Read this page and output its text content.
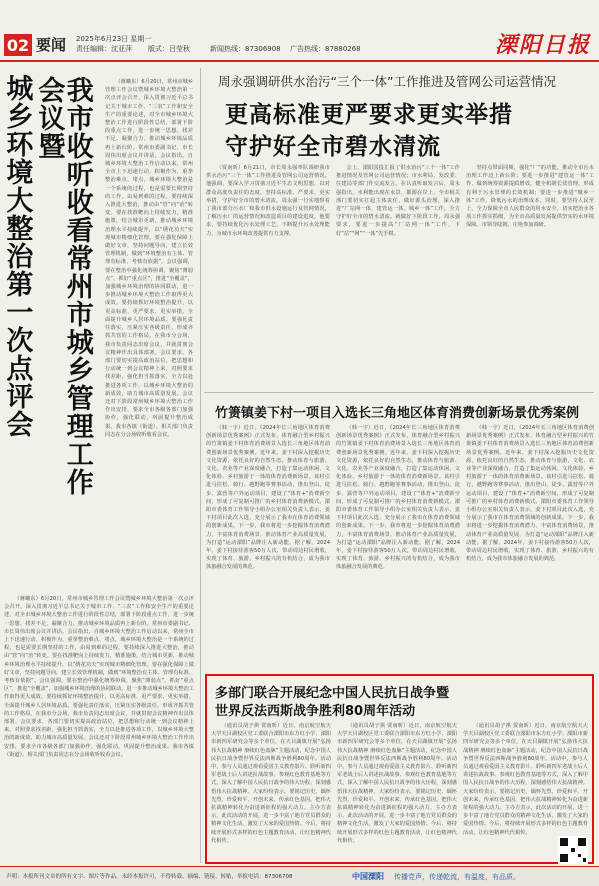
02 要闻 2025年6月23日 星期一
责任编辑：沈亚萍 版式：吕莹秋	新闻热线：87306908 广告热线：87880268	溧阳日报
我市收听收看常州市城乡管理工作会议暨
城乡环境大整治第一次点评会	（蒋曦东）6月20日，常州市城乡管理工作会议暨城乡环境大整治第一次点评会召开，深入贯彻习近平总书记关于城市工作、“三农”工作和安全生产的重要论述，对全市城乡环境大整治工作进行阶段性总结，部署下阶段重点工作，进一步统一思想、找差不足、凝聚合力，推动城乡环境品质再上新台阶。常州市委副书记、市长周伟出席会议并讲话。会议指出，自城乡环境大整治工作启动以来，常州全市上下迅速行动、积极作为，重拳整治难点、堵点，城乡环境大整治是一个系统的过程，也是需要长期坚持的工作，由易到难的过程，要持续深入推进大整治，推动由“管”向“治”转变。要在找准靶向上持续发力，精准施策，结合城市更新，推动城乡环境治理水平持续提升，以“绣花功夫”实现城市精细化管理。要在强化保障上做好文章，坚持问题导向，建立长效管理机制，做到“环境整治有主体、管理有标准、考核有依据”。会议强调，要在整治中强化统筹协调，聚焦“薄弱点”，抓好“重点区”，推进“全覆盖”，加强城乡环境治理的协同联动，进一步推动城乡环境大整治工作取得更大成效。要持续抓好环境整治提升，以更高标准、更严要求、更实举措，全面提升城乡人居环境品质。要强化责任落实，压紧压实各级责任，形成齐抓共管的工作格局。在我市分会场，我市负责同志出席会议，并就贯彻会议精神作出具体部署。会议要求，各部门要切实提高政治站位，把思想和行动统一到会议精神上来，对照要求找差距，强化担当抓落实，全力以赴推进各项工作，以城乡环境大整治的新成效，助力城市高质量发展。会议还对下阶段常州城乡环境大整治工作作出安排，要求全市各级各部门加强协作，强化联动，巩固提升整治成果。我市各镇（街道）、相关部门负责同志在分会场收听收看会议。

（蒋曦东）6月20日，常州市城乡管理工作会议暨城乡环境大整治第一次点评会召开，深入贯彻习近平总书记关于城市工作、“三农”工作和安全生产的重要论述，对全市城乡环境大整治工作进行阶段性总结，部署下阶段重点工作，进一步统一思想、找差不足、凝聚合力，推动城乡环境品质再上新台阶。常州市委副书记、市长周伟出席会议并讲话。会议指出，自城乡环境大整治工作启动以来，常州全市上下迅速行动、积极作为，重拳整治难点、堵点，城乡环境大整治是一个系统的过程，也是需要长期坚持的工作，由易到难的过程，要持续深入推进大整治，推动由“管”向“治”转变。要在找准靶向上持续发力，精准施策，结合城市更新，推动城乡环境治理水平持续提升，以“绣花功夫”实现城市精细化管理。要在强化保障上做好文章，坚持问题导向，建立长效管理机制，做到“环境整治有主体、管理有标准、考核有依据”。会议强调，要在整治中强化统筹协调，聚焦“薄弱点”，抓好“重点区”，推进“全覆盖”，加强城乡环境治理的协同联动，进一步推动城乡环境大整治工作取得更大成效。要持续抓好环境整治提升，以更高标准、更严要求、更实举措，全面提升城乡人居环境品质。要强化责任落实，压紧压实各级责任，形成齐抓共管的工作格局。在我市分会场，我市负责同志出席会议，并就贯彻会议精神作出具体部署。会议要求，各部门要切实提高政治站位，把思想和行动统一到会议精神上来，对照要求找差距，强化担当抓落实，全力以赴推进各项工作，以城乡环境大整治的新成效，助力城市高质量发展。会议还对下阶段常州城乡环境大整治工作作出安排，要求全市各级各部门加强协作，强化联动，巩固提升整治成果。我市各镇（街道）、相关部门负责同志在分会场收听收看会议。

周永强调研供水治污“三个一体”工作推进及管网公司运营情况
更高标准更严要求更实举措
守护好全市碧水清流

（贾南昕）6月21日，市长周永强率队调研我市供水治污“三个一体”工作推进及管网公司运营情况。他强调，要深入学习贯彻习近平生态文明思想，以对群众高度负责任的态度，坚持高标准、严要求，更实举措，守护好全市的碧水清流。周永强一行实地察看了我市部分污水厂和我市供水设施运行及管网情况，了解污水厂的运营情况和改造项目的建设进度。他要求，要持续优化污水处理工艺，不断提升污水处理能力，为城市水环境改善提供有力支撑。

会上，溧阳国投汇报了供水治污“三个一体”工作推进情况及管网公司运营情况；市水利局、发改委、住建局等部门作交流发言。在认真听取发言后，周永强指出，水利能出现在水景、都源在岸上，全市相关部门要切实扛起主体责任，做好源头治理，深入推进“厂站网一体、建管运一体、城乡一体”工作，全力守护好全市的碧水清流。就做好下阶段工作，周永强要求，要进一步提高“厂站网一体”工作，下好“站”“网”“一体”先手棋。

坚持点带面同频，强化“厂”的功能，推动全市污水治理工作迈上新台阶；要进一步推进“建管运一体”工作，做到统筹资源提质增效，健全机制长效管理，形成有利于污水管理的长效机制；要进一步推进“城乡一体”工作，降低污水的治理成本。同时，要坚持人民至上，全力保障全市人民群众的用水安全，切实把治水各项工作抓实抓细，为全市高质量发展提供坚实的水环境保障。市领导陆朝、庄艳参加调研。

竹箦镇姜下村一项目入选长三角地区体育消费创新场景优秀案例

（韩一宇）近日，《2024年长三角地区体育消费创新场景优秀案例》正式发布，体育融合型乡村振兴的竹箦镇姜下村体育消费场景入选长三角地区体育消费创新场景优秀案例。近年来，姜下村深入挖掘历史文化资源，依托良好的自然生态，推动体育与旅游、文化、农业等产业深度融合，打造了集运动休闲、文化体验、乡村旅游于一体的体育消费新场景。该村引进马拉松、骑行、越野跑等赛事活动，推出登山、徒步、露营等户外运动项目，建设了“体育+”消费新空间，形成了可复制可推广的乡村体育消费新模式。溧阳市委体育工作领导小组办公室相关负责人表示，姜下村项目此次入选，充分展示了我市在体育消费领域的创新成果。下一步，我市将进一步挖掘体育消费潜力，丰富体育消费场景，推动体育产业高质量发展，为打造“运动溧阳”品牌注入新动能。据了解，2024年，姜下村接待游客50万人次，带动周边村民增收，实现了体育、旅游、乡村振兴的有机结合，成为我市体旅融合发展的典范。

（韩一宇）近日，《2024年长三角地区体育消费创新场景优秀案例》正式发布，体育融合型乡村振兴的竹箦镇姜下村体育消费场景入选长三角地区体育消费创新场景优秀案例。近年来，姜下村深入挖掘历史文化资源，依托良好的自然生态，推动体育与旅游、文化、农业等产业深度融合，打造了集运动休闲、文化体验、乡村旅游于一体的体育消费新场景。该村引进马拉松、骑行、越野跑等赛事活动，推出登山、徒步、露营等户外运动项目，建设了“体育+”消费新空间，形成了可复制可推广的乡村体育消费新模式。溧阳市委体育工作领导小组办公室相关负责人表示，姜下村项目此次入选，充分展示了我市在体育消费领域的创新成果。下一步，我市将进一步挖掘体育消费潜力，丰富体育消费场景，推动体育产业高质量发展，为打造“运动溧阳”品牌注入新动能。据了解，2024年，姜下村接待游客50万人次，带动周边村民增收，实现了体育、旅游、乡村振兴的有机结合，成为我市体旅融合发展的典范。

（韩一宇）近日，《2024年长三角地区体育消费创新场景优秀案例》正式发布，体育融合型乡村振兴的竹箦镇姜下村体育消费场景入选长三角地区体育消费创新场景优秀案例。近年来，姜下村深入挖掘历史文化资源，依托良好的自然生态，推动体育与旅游、文化、农业等产业深度融合，打造了集运动休闲、文化体验、乡村旅游于一体的体育消费新场景。该村引进马拉松、骑行、越野跑等赛事活动，推出登山、徒步、露营等户外运动项目，建设了“体育+”消费新空间，形成了可复制可推广的乡村体育消费新模式。溧阳市委体育工作领导小组办公室相关负责人表示，姜下村项目此次入选，充分展示了我市在体育消费领域的创新成果。下一步，我市将进一步挖掘体育消费潜力，丰富体育消费场景，推动体育产业高质量发展，为打造“运动溧阳”品牌注入新动能。据了解，2024年，姜下村接待游客50万人次，带动周边村民增收，实现了体育、旅游、乡村振兴的有机结合，成为我市体旅融合发展的典范。

多部门联合开展纪念中国人民抗日战争暨
世界反法西斯战争胜利80周年活动

（通讯员胡子祺 贾南昕）近日，南京航空航天大学天目湖校区党工委联合溧阳市东方红小学、溧阳市新四军研究会等多个单位，在天目湖镇开展“弘扬伟大抗战精神 赓续红色血脉”主题活动，纪念中国人民抗日战争暨世界反法西斯战争胜利80周年。活动中，参与人员通过观看爱国主义教育影片、聆听新四军老战士后人讲述抗战故事、参观红色教育基地等方式，深入了解中国人民抗日战争的伟大历程，深刻感悟伟大抗战精神。大家纷纷表示，要铭记历史、缅怀先烈、珍爱和平、开创未来，传承红色基因，把伟大抗战精神转化为奋进新征程的强大动力。主办方表示，此次活动的开展，进一步丰富了地方党员群众的精神文化生活，激发了大家的爱国热情。今后，将持续开展形式多样的红色主题教育活动，让红色精神代代相传。

（通讯员胡子祺 贾南昕）近日，南京航空航天大学天目湖校区党工委联合溧阳市东方红小学、溧阳市新四军研究会等多个单位，在天目湖镇开展“弘扬伟大抗战精神 赓续红色血脉”主题活动，纪念中国人民抗日战争暨世界反法西斯战争胜利80周年。活动中，参与人员通过观看爱国主义教育影片、聆听新四军老战士后人讲述抗战故事、参观红色教育基地等方式，深入了解中国人民抗日战争的伟大历程，深刻感悟伟大抗战精神。大家纷纷表示，要铭记历史、缅怀先烈、珍爱和平、开创未来，传承红色基因，把伟大抗战精神转化为奋进新征程的强大动力。主办方表示，此次活动的开展，进一步丰富了地方党员群众的精神文化生活，激发了大家的爱国热情。今后，将持续开展形式多样的红色主题教育活动，让红色精神代代相传。

（通讯员胡子祺 贾南昕）近日，南京航空航天大学天目湖校区党工委联合溧阳市东方红小学、溧阳市新四军研究会等多个单位，在天目湖镇开展“弘扬伟大抗战精神 赓续红色血脉”主题活动，纪念中国人民抗日战争暨世界反法西斯战争胜利80周年。活动中，参与人员通过观看爱国主义教育影片、聆听新四军老战士后人讲述抗战故事、参观红色教育基地等方式，深入了解中国人民抗日战争的伟大历程，深刻感悟伟大抗战精神。大家纷纷表示，要铭记历史、缅怀先烈、珍爱和平、开创未来，传承红色基因，把伟大抗战精神转化为奋进新征程的强大动力。主办方表示，此次活动的开展，进一步丰富了地方党员群众的精神文化生活，激发了大家的爱国热情。今后，将持续开展形式多样的红色主题教育活动，让红色精神代代相传。

声明：本报所刊文章的所有文字、图片等作品，未经本报许可，不得转载、摘编、链接、转贴，举报电话：87306708	中国溧阳 传播党声，传递乾流，有温度，有品质。
